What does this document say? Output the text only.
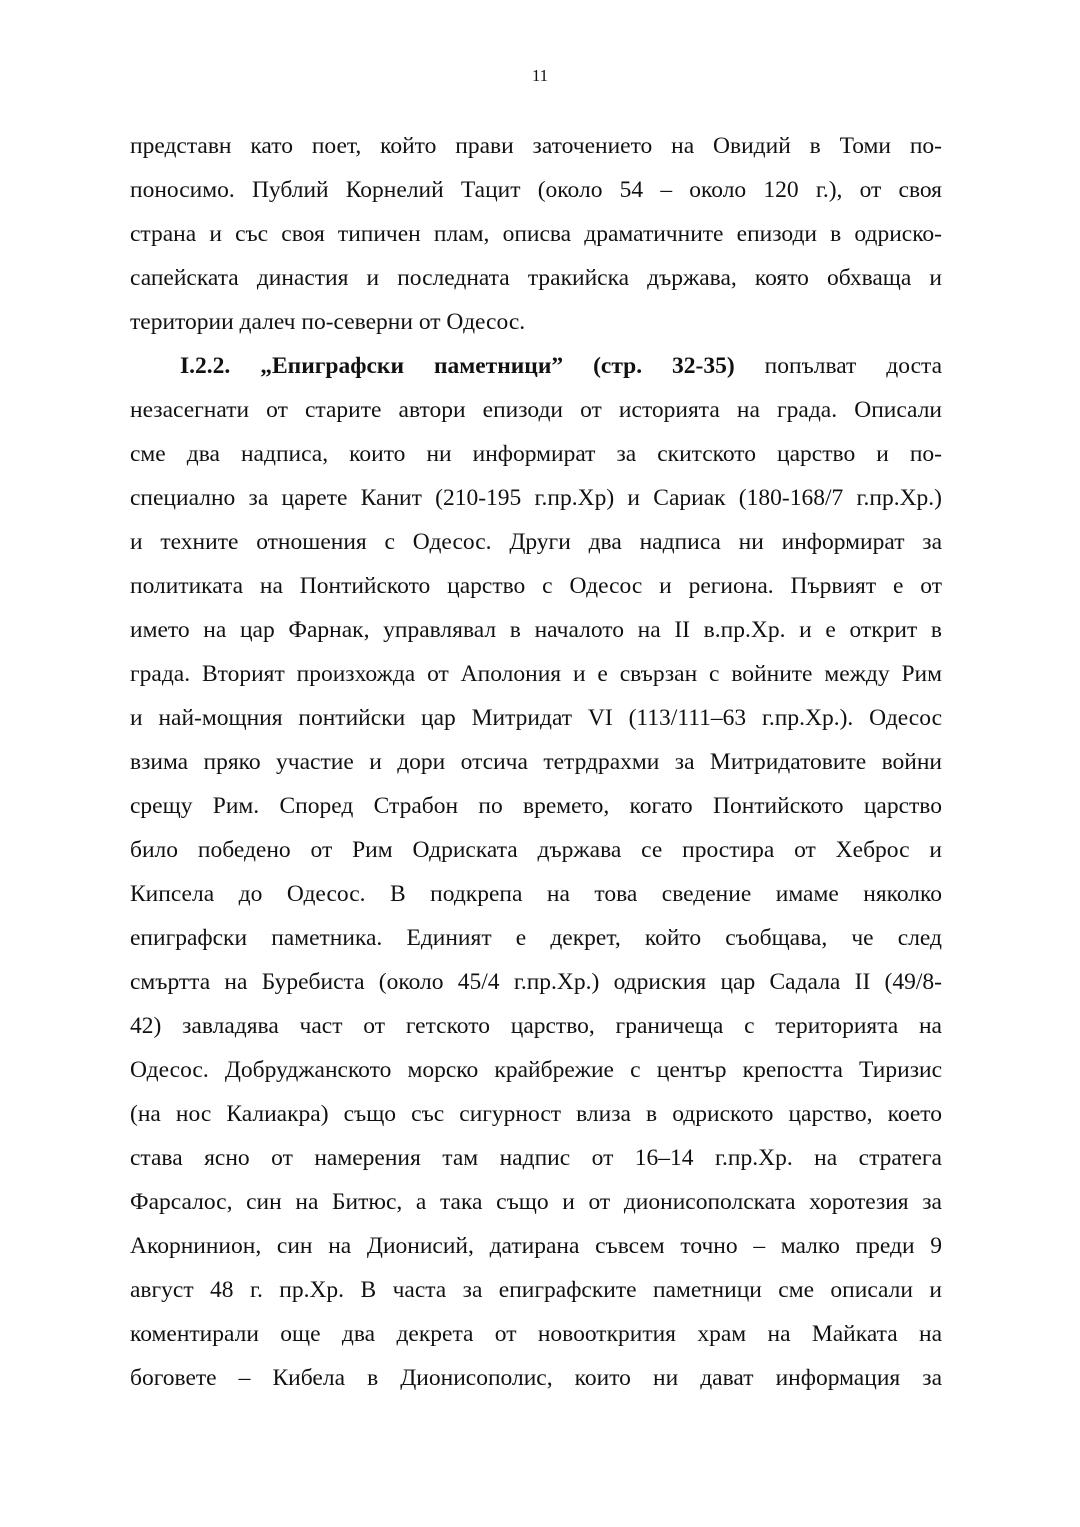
11
представн като поет, който прави заточението на Овидий в Томи по-
поносимо. Публий Корнелий Тацит (около 54 – около 120 г.), от своя
страна и със своя типичен плам, описва драматичните епизоди в одриско-
сапейската династия и последната тракийска държава, която обхваща и
територии далеч по-северни от Одесос.
I.2.2. „Епиграфски паметници” (стр. 32-35) попълват доста
незасегнати от старите автори епизоди от историята на града. Описали
сме два надписа, които ни информират за скитското царство и по-
специално за царете Канит (210-195 г.пр.Хр) и Сариак (180-168/7 г.пр.Хр.)
и техните отношения с Одесос. Други два надписа ни информират за
политиката на Понтийското царство с Одесос и региона. Първият е от
името на цар Фарнак, управлявал в началото на II в.пр.Хр. и е открит в
града. Вторият произхожда от Аполония и е свързан с войните между Рим
и най-мощния понтийски цар Митридат VI (113/111–63 г.пр.Хр.). Одесос
взима пряко участие и дори отсича тетрдрахми за Митридатовите войни
срещу Рим. Според Страбон по времето, когато Понтийското царство
било победено от Рим Одриската държава се простира от Хеброс и
Кипсела до Одесос. В подкрепа на това сведение имаме няколко
епиграфски паметника. Единият е декрет, който съобщава, че след
смъртта на Буребиста (около 45/4 г.пр.Хр.) одриския цар Садала II (49/8-
42) завладява част от гетското царство, граничеща с територията на
Одесос. Добруджанското морско крайбрежие с център крепостта Тиризис
(на нос Калиакра) също със сигурност влиза в одриското царство, което
става ясно от намерения там надпис от 16–14 г.пр.Хр. на стратега
Фарсалос, син на Битюс, а така също и от дионисополската хоротезия за
Акорнинион, син на Дионисий, датирана съвсем точно – малко преди 9
август 48 г. пр.Хр. В часта за епиграфските паметници сме описали и
коментирали още два декрета от новооткрития храм на Майката на
боговете – Кибела в Дионисополис, които ни дават информация за
